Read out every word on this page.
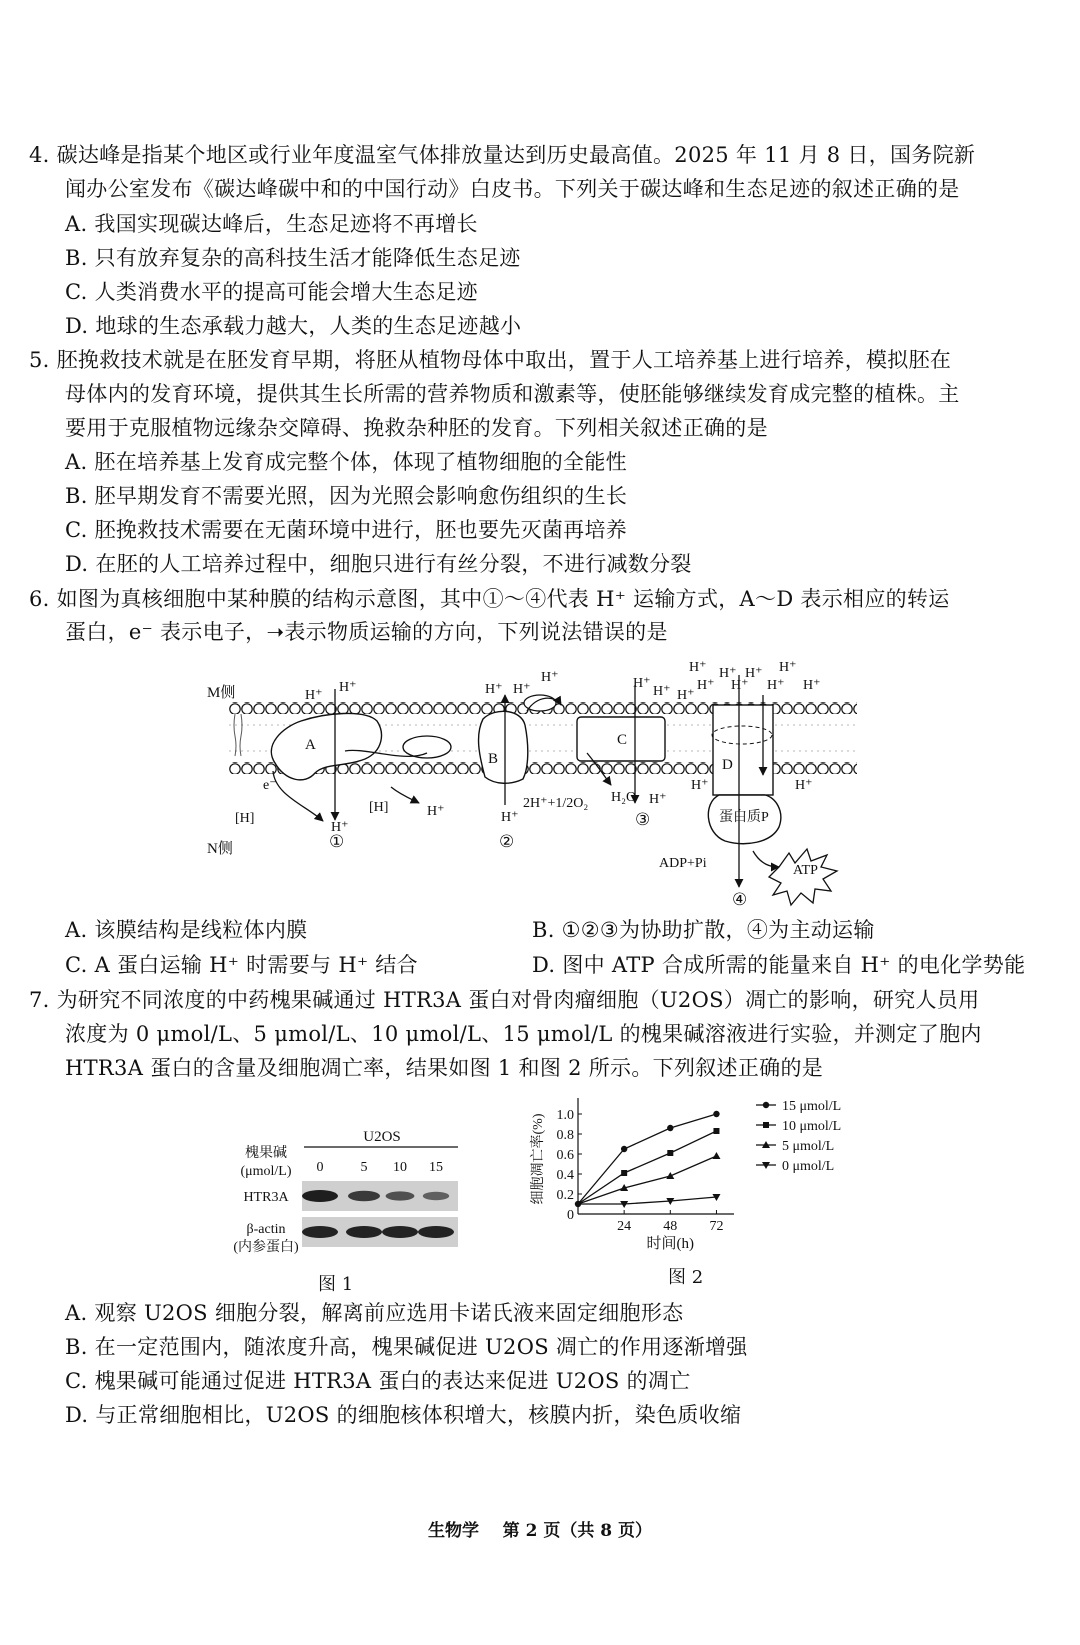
4. 碳达峰是指某个地区或行业年度温室气体排放量达到历史最高值。2025 年 11 月 8 日，国务院新
闻办公室发布《碳达峰碳中和的中国行动》白皮书。下列关于碳达峰和生态足迹的叙述正确的是
A. 我国实现碳达峰后，生态足迹将不再增长
B. 只有放弃复杂的高科技生活才能降低生态足迹
C. 人类消费水平的提高可能会增大生态足迹
D. 地球的生态承载力越大，人类的生态足迹越小
5. 胚挽救技术就是在胚发育早期，将胚从植物母体中取出，置于人工培养基上进行培养，模拟胚在
母体内的发育环境，提供其生长所需的营养物质和激素等，使胚能够继续发育成完整的植株。主
要用于克服植物远缘杂交障碍、挽救杂种胚的发育。下列相关叙述正确的是
A. 胚在培养基上发育成完整个体，体现了植物细胞的全能性
B. 胚早期发育不需要光照，因为光照会影响愈伤组织的生长
C. 胚挽救技术需要在无菌环境中进行，胚也要先灭菌再培养
D. 在胚的人工培养过程中，细胞只进行有丝分裂，不进行减数分裂
6. 如图为真核细胞中某种膜的结构示意图，其中①～④代表 H⁺ 运输方式，A～D 表示相应的转运
蛋白，e⁻ 表示电子，➝表示物质运输的方向，下列说法错误的是
M侧
N侧
A
B
C
D
蛋白质P
H⁺
H⁺
H⁺
H⁺
H⁺ H⁺
H⁺
H⁺
H⁺
H⁺ H⁺
H⁺
H⁺
H⁺
H⁺
H⁺
H⁺
H⁺
H⁺
H⁺
H⁺	H⁺
e⁻
[H]
[H]	2H⁺+1/2O₂ H₂O
ADP+Pi	ATP
①	②
③
④
A. 该膜结构是线粒体内膜	B. ①②③为协助扩散，④为主动运输
C. A 蛋白运输 H⁺ 时需要与 H⁺ 结合	D. 图中 ATP 合成所需的能量来自 H⁺ 的电化学势能
7. 为研究不同浓度的中药槐果碱通过 HTR3A 蛋白对骨肉瘤细胞（U2OS）凋亡的影响，研究人员用
浓度为 0 μmol/L、5 μmol/L、10 μmol/L、15 μmol/L 的槐果碱溶液进行实验，并测定了胞内
HTR3A 蛋白的含量及细胞凋亡率，结果如图 1 和图 2 所示。下列叙述正确的是
U2OS
槐果碱
(μmol/L) 0	5 10 15
HTR3A
β-actin
(内参蛋白)
图 1
0
0.2
0.4
0.6
0.8
1.0
24 48 72
时间(h)
细胞凋亡率(%)
15 μmol/L
10 μmol/L
5 μmol/L
0 μmol/L
图 2
A. 观察 U2OS 细胞分裂，解离前应选用卡诺氏液来固定细胞形态
B. 在一定范围内，随浓度升高，槐果碱促进 U2OS 凋亡的作用逐渐增强
C. 槐果碱可能通过促进 HTR3A 蛋白的表达来促进 U2OS 的凋亡
D. 与正常细胞相比，U2OS 的细胞核体积增大，核膜内折，染色质收缩
生物学 第 2 页（共 8 页）
